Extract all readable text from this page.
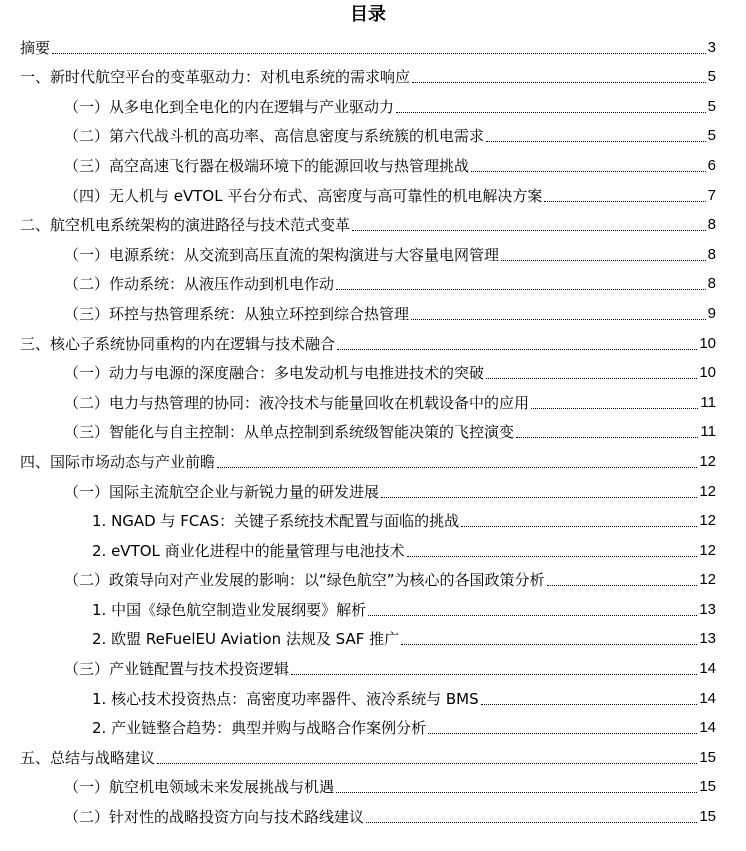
目录
摘要	3
一、新时代航空平台的变革驱动力：对机电系统的需求响应	5
（一）从多电化到全电化的内在逻辑与产业驱动力	5
（二）第六代战斗机的高功率、高信息密度与系统簇的机电需求	5
（三）高空高速飞行器在极端环境下的能源回收与热管理挑战	6
（四）无人机与 eVTOL 平台分布式、高密度与高可靠性的机电解决方案	7
二、航空机电系统架构的演进路径与技术范式变革	8
（一）电源系统：从交流到高压直流的架构演进与大容量电网管理	8
（二）作动系统：从液压作动到机电作动	8
（三）环控与热管理系统：从独立环控到综合热管理	9
三、核心子系统协同重构的内在逻辑与技术融合	10
（一）动力与电源的深度融合：多电发动机与电推进技术的突破	10
（二）电力与热管理的协同：液冷技术与能量回收在机载设备中的应用	11
（三）智能化与自主控制：从单点控制到系统级智能决策的飞控演变	11
四、国际市场动态与产业前瞻	12
（一）国际主流航空企业与新锐力量的研发进展	12
1. NGAD 与 FCAS：关键子系统技术配置与面临的挑战	12
2. eVTOL 商业化进程中的能量管理与电池技术	12
（二）政策导向对产业发展的影响：以“绿色航空”为核心的各国政策分析	12
1. 中国《绿色航空制造业发展纲要》解析	13
2. 欧盟 ReFuelEU Aviation 法规及 SAF 推广	13
（三）产业链配置与技术投资逻辑	14
1. 核心技术投资热点：高密度功率器件、液冷系统与 BMS	14
2. 产业链整合趋势：典型并购与战略合作案例分析	14
五、总结与战略建议	15
（一）航空机电领域未来发展挑战与机遇	15
（二）针对性的战略投资方向与技术路线建议	15
